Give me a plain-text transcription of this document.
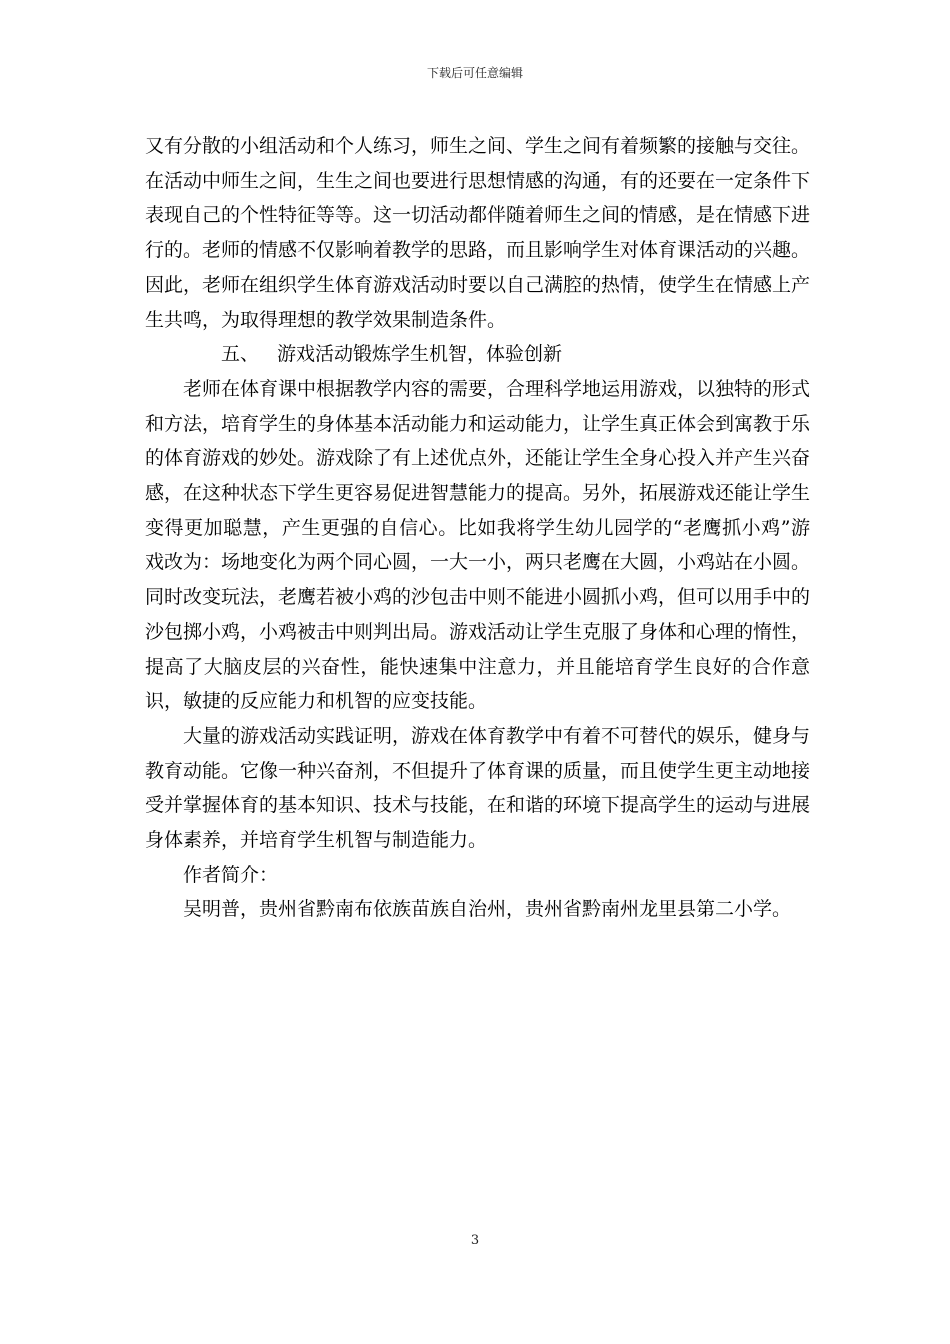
下载后可任意编辑

又有分散的小组活动和个人练习，师生之间、学生之间有着频繁的接触与交往。在活动中师生之间，生生之间也要进行思想情感的沟通，有的还要在一定条件下表现自己的个性特征等等。这一切活动都伴随着师生之间的情感，是在情感下进行的。老师的情感不仅影响着教学的思路，而且影响学生对体育课活动的兴趣。因此，老师在组织学生体育游戏活动时要以自己满腔的热情，使学生在情感上产生共鸣，为取得理想的教学效果制造条件。

五、 游戏活动锻炼学生机智，体验创新

老师在体育课中根据教学内容的需要，合理科学地运用游戏，以独特的形式和方法，培育学生的身体基本活动能力和运动能力，让学生真正体会到寓教于乐的体育游戏的妙处。游戏除了有上述优点外，还能让学生全身心投入并产生兴奋感，在这种状态下学生更容易促进智慧能力的提高。另外，拓展游戏还能让学生变得更加聪慧，产生更强的自信心。比如我将学生幼儿园学的“老鹰抓小鸡”游戏改为：场地变化为两个同心圆，一大一小，两只老鹰在大圆，小鸡站在小圆。同时改变玩法，老鹰若被小鸡的沙包击中则不能进小圆抓小鸡，但可以用手中的沙包掷小鸡，小鸡被击中则判出局。游戏活动让学生克服了身体和心理的惰性，提高了大脑皮层的兴奋性，能快速集中注意力，并且能培育学生良好的合作意识，敏捷的反应能力和机智的应变技能。

大量的游戏活动实践证明，游戏在体育教学中有着不可替代的娱乐，健身与教育动能。它像一种兴奋剂，不但提升了体育课的质量，而且使学生更主动地接受并掌握体育的基本知识、技术与技能，在和谐的环境下提高学生的运动与进展身体素养，并培育学生机智与制造能力。

作者简介：

吴明普，贵州省黔南布依族苗族自治州，贵州省黔南州龙里县第二小学。

3
